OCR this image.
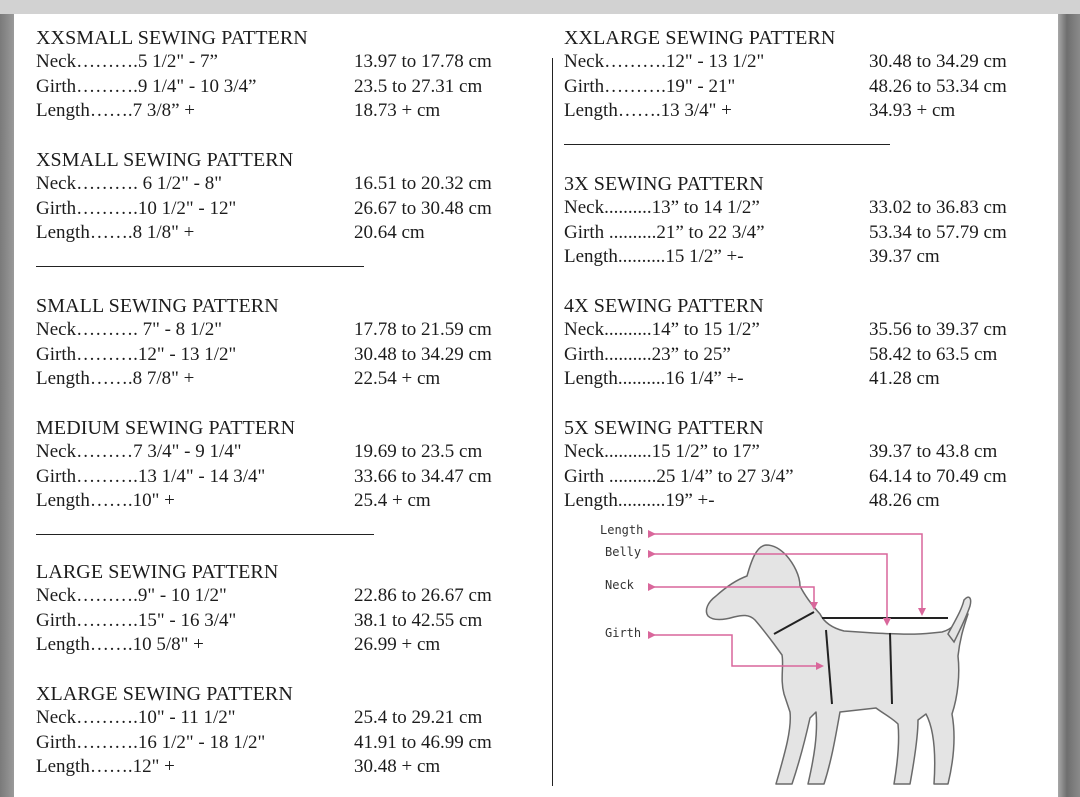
XXSMALL SEWING PATTERN
Neck……….5 1/2" - 7”	13.97 to 17.78 cm
Girth……….9 1/4" - 10 3/4”	23.5 to 27.31 cm
Length…….7 3/8” +	18.73 + cm
XSMALL SEWING PATTERN
Neck………. 6 1/2" - 8"	16.51 to 20.32 cm
Girth……….10 1/2" - 12"	26.67 to 30.48 cm
Length…….8 1/8" +	20.64 cm
SMALL SEWING PATTERN
Neck………. 7" - 8 1/2"	17.78 to 21.59 cm
Girth……….12" - 13 1/2"	30.48 to 34.29 cm
Length…….8 7/8" +	22.54 + cm
MEDIUM SEWING PATTERN
Neck………7 3/4" - 9 1/4"	19.69 to 23.5 cm
Girth……….13 1/4" - 14 3/4"	33.66 to 34.47 cm
Length…….10" +	25.4 + cm
LARGE SEWING PATTERN
Neck……….9" - 10 1/2"	22.86 to 26.67 cm
Girth……….15" - 16 3/4"	38.1 to 42.55 cm
Length…….10 5/8" +	26.99 + cm
XLARGE SEWING PATTERN
Neck……….10" - 11 1/2"	25.4 to 29.21 cm
Girth……….16 1/2" - 18 1/2"	41.91 to 46.99 cm
Length…….12" +	30.48 + cm
XXLARGE SEWING PATTERN
Neck……….12" - 13 1/2"	30.48 to 34.29 cm
Girth……….19" - 21"	48.26 to 53.34 cm
Length…….13 3/4" +	34.93 + cm
3X SEWING PATTERN
Neck..........13” to 14 1/2”	33.02 to 36.83 cm
Girth ..........21” to 22 3/4”	53.34 to 57.79 cm
Length..........15 1/2” +-	39.37 cm
4X SEWING PATTERN
Neck..........14” to 15 1/2”	35.56 to 39.37 cm
Girth..........23” to 25”	58.42 to 63.5 cm
Length..........16 1/4” +-	41.28 cm
5X SEWING PATTERN
Neck..........15 1/2” to 17”	39.37 to 43.8 cm
Girth ..........25 1/4” to 27 3/4”	64.14 to 70.49 cm
Length..........19” +-	48.26 cm
Length
Belly
Neck
Girth
